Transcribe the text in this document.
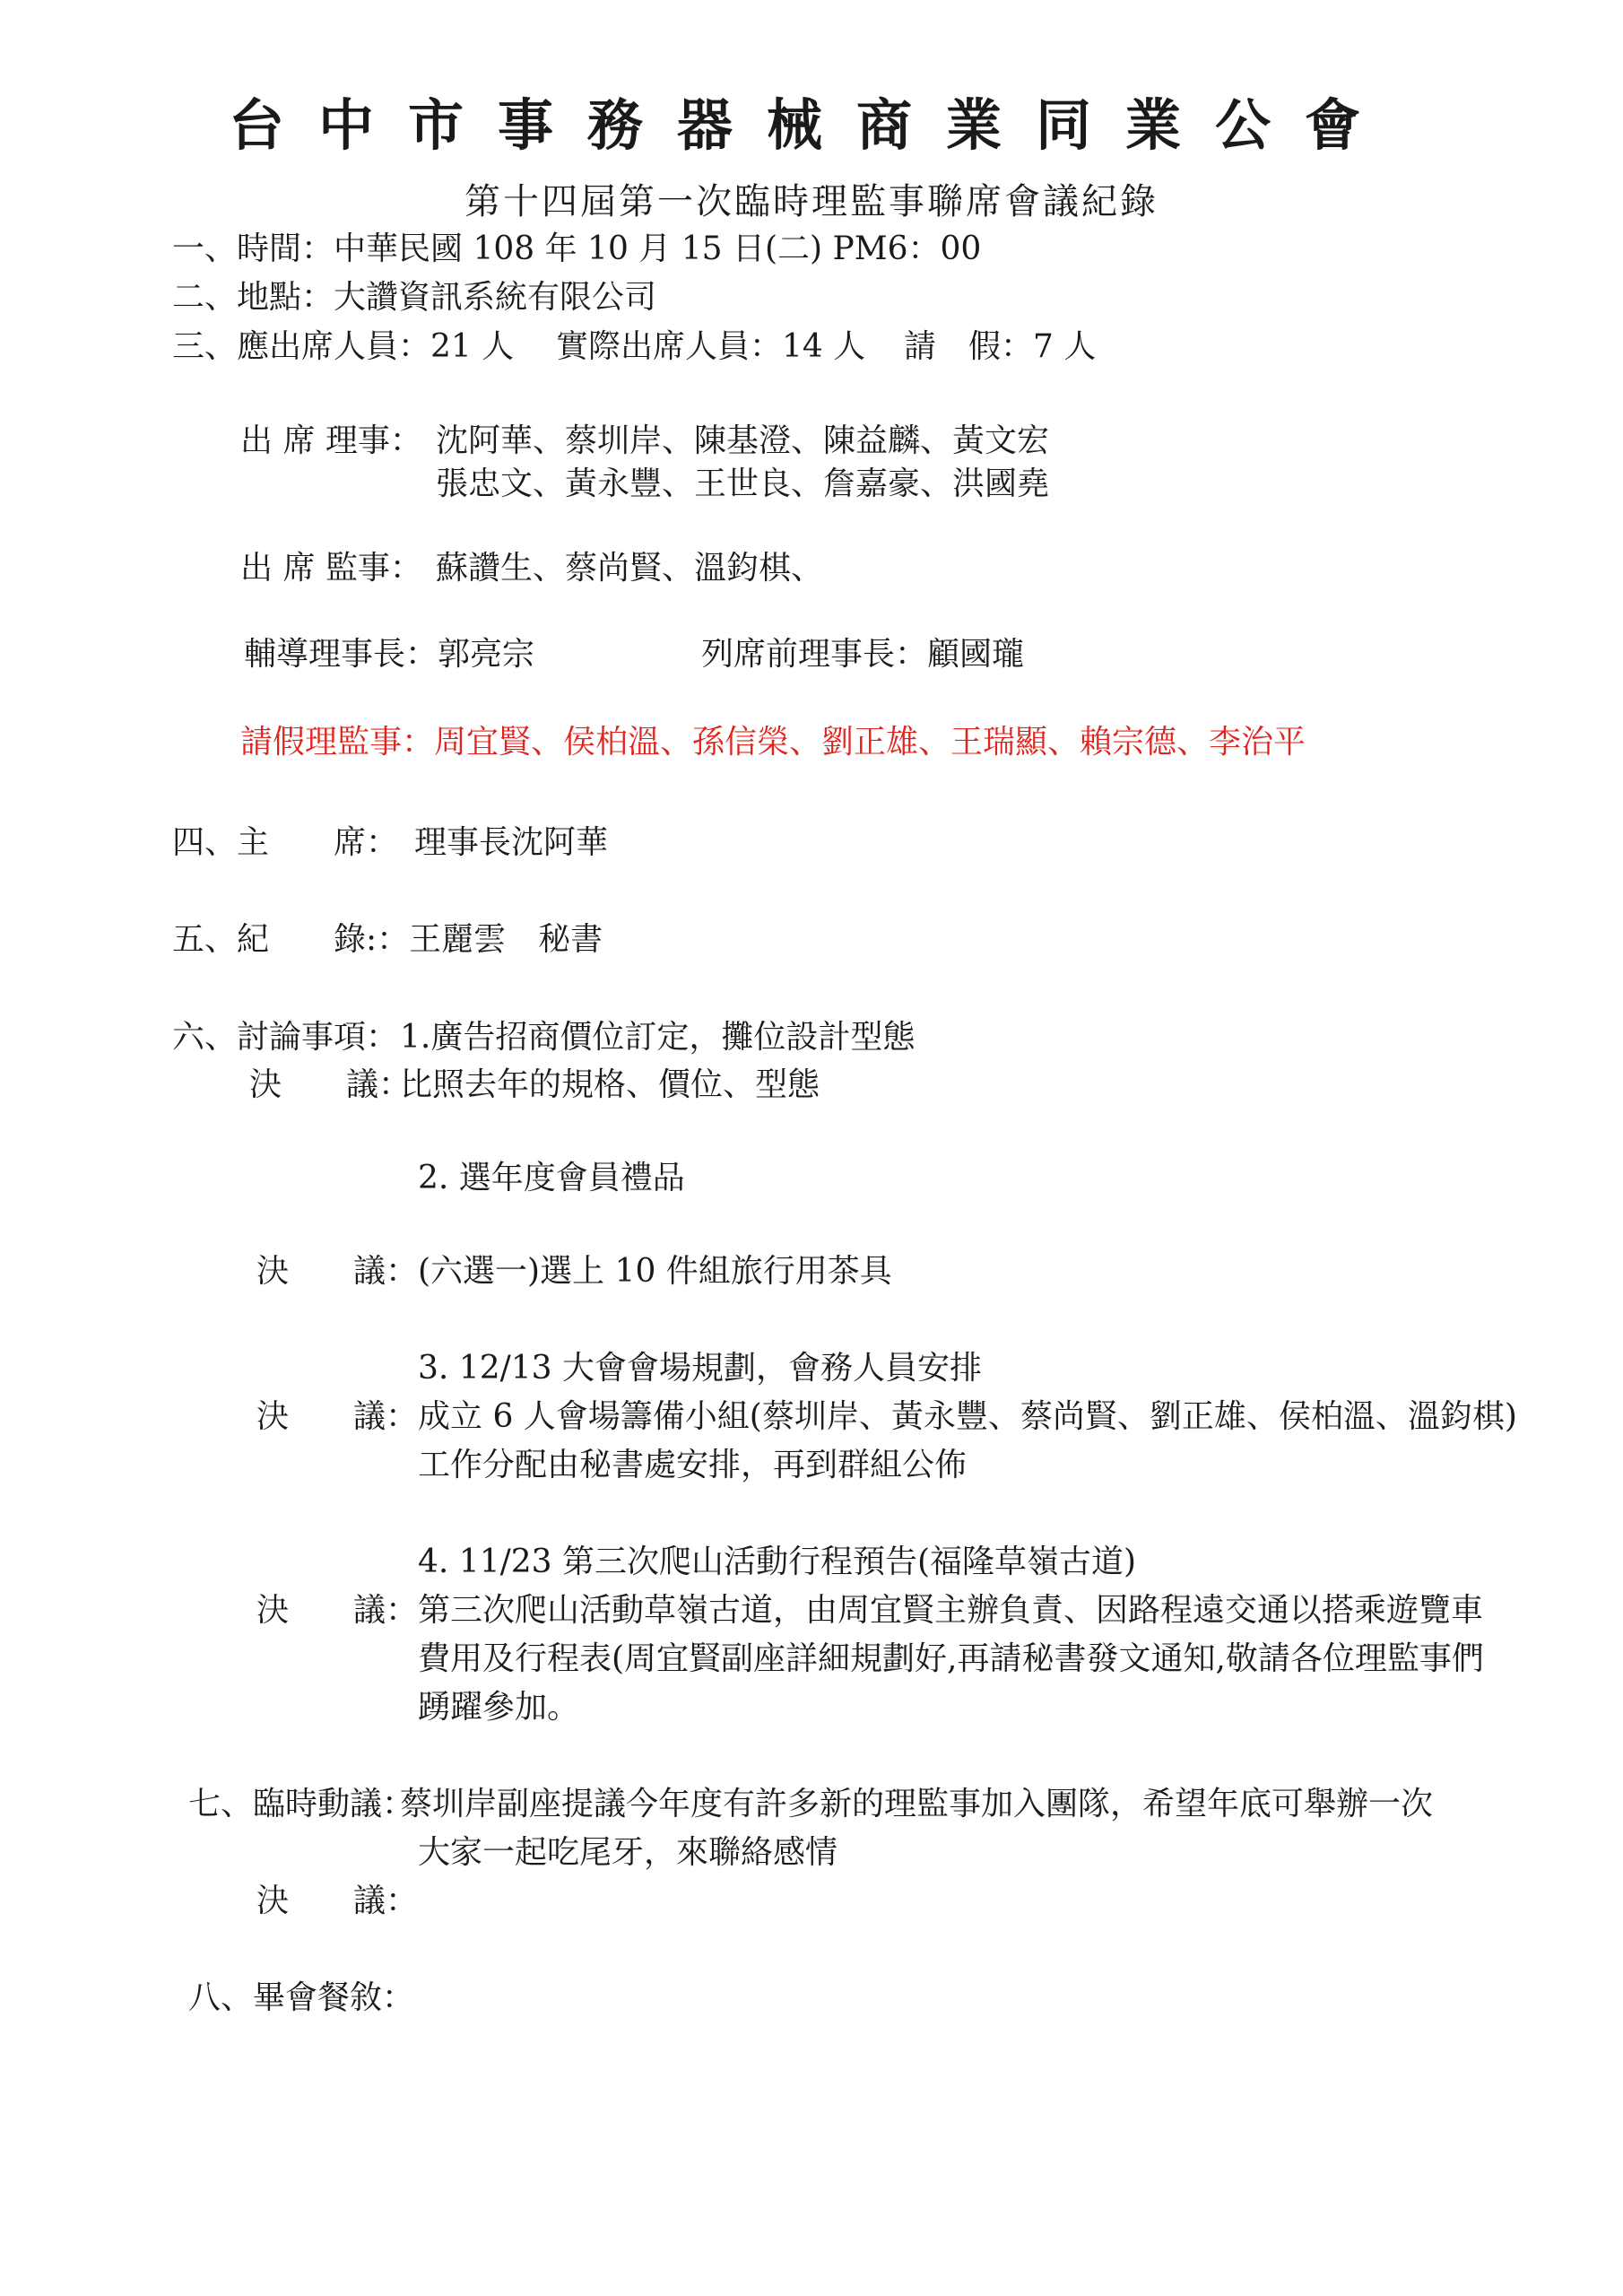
台中市事務器械商業同業公會
第十四屆第一次臨時理監事聯席會議紀錄
一、時間：中華民國 108 年 10 月 15 日(二) PM6：00
二、地點：大讚資訊系統有限公司
三、應出席人員：21 人 實際出席人員：14 人 請　假：7 人
出 席 理事： 沈阿華、蔡圳岸、陳基澄、陳益麟、黃文宏
張忠文、黃永豐、王世良、詹嘉豪、洪國堯
出 席 監事： 蘇讚生、蔡尚賢、溫鈞棋、
輔導理事長：郭亮宗	列席前理事長：顧國瓏
請假理監事：周宜賢、侯柏溫、孫信榮、劉正雄、王瑞顯、賴宗德、李治平
四、主　　席：　理事長沈阿華
五、紀　　錄:：王麗雲　秘書
六、討論事項： 1.廣告招商價位訂定，攤位設計型態
決　　議：
比照去年的規格、價位、型態
2. 選年度會員禮品
決　　議： (六選一)選上 10 件組旅行用茶具
3. 12/13 大會會場規劃，會務人員安排
決　　議： 成立 6 人會場籌備小組(蔡圳岸、黃永豐、蔡尚賢、劉正雄、侯柏溫、溫鈞棋)
工作分配由秘書處安排，再到群組公佈
4. 11/23 第三次爬山活動行程預告(福隆草嶺古道)
決　　議： 第三次爬山活動草嶺古道，由周宜賢主辦負責、因路程遠交通以搭乘遊覽車
費用及行程表(周宜賢副座詳細規劃好,再請秘書發文通知,敬請各位理監事們
踴躍參加。
七、臨時動議：
蔡圳岸副座提議今年度有許多新的理監事加入團隊，希望年底可舉辦一次
大家一起吃尾牙，來聯絡感情
決　　議：
八、畢會餐敘：
